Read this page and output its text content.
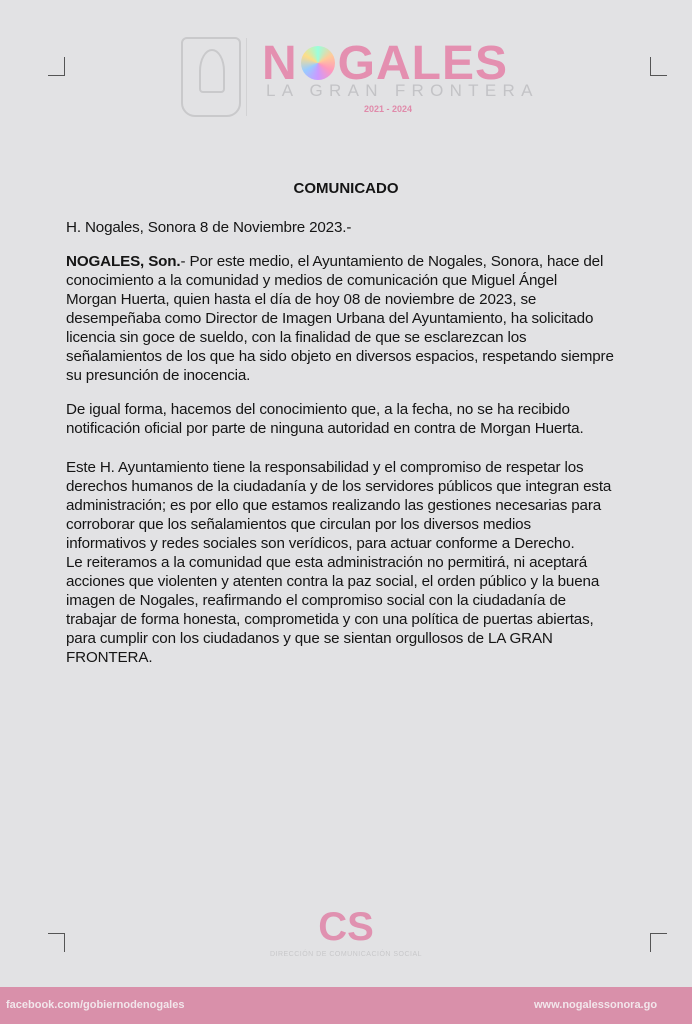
N GALES
LA GRAN FRONTERA
2021 - 2024
COMUNICADO
H. Nogales, Sonora 8 de Noviembre 2023.-
NOGALES, Son.- Por este medio, el Ayuntamiento de Nogales, Sonora, hace del
conocimiento a la comunidad y medios de comunicación que Miguel Ángel
Morgan Huerta, quien hasta el día de hoy 08 de noviembre de 2023, se
desempeñaba como Director de Imagen Urbana del Ayuntamiento, ha solicitado
licencia sin goce de sueldo, con la finalidad de que se esclarezcan los
señalamientos de los que ha sido objeto en diversos espacios, respetando siempre
su presunción de inocencia.
De igual forma, hacemos del conocimiento que, a la fecha, no se ha recibido
notificación oficial por parte de ninguna autoridad en contra de Morgan Huerta.
Este H. Ayuntamiento tiene la responsabilidad y el compromiso de respetar los
derechos humanos de la ciudadanía y de los servidores públicos que integran esta
administración; es por ello que estamos realizando las gestiones necesarias para
corroborar que los señalamientos que circulan por los diversos medios
informativos y redes sociales son verídicos, para actuar conforme a Derecho.
Le reiteramos a la comunidad que esta administración no permitirá, ni aceptará
acciones que violenten y atenten contra la paz social, el orden público y la buena
imagen de Nogales, reafirmando el compromiso social con la ciudadanía de
trabajar de forma honesta, comprometida y con una política de puertas abiertas,
para cumplir con los ciudadanos y que se sientan orgullosos de LA GRAN
FRONTERA.
CS
DIRECCIÓN DE COMUNICACIÓN SOCIAL
facebook.com/gobiernodenogales	www.nogalessonora.go
